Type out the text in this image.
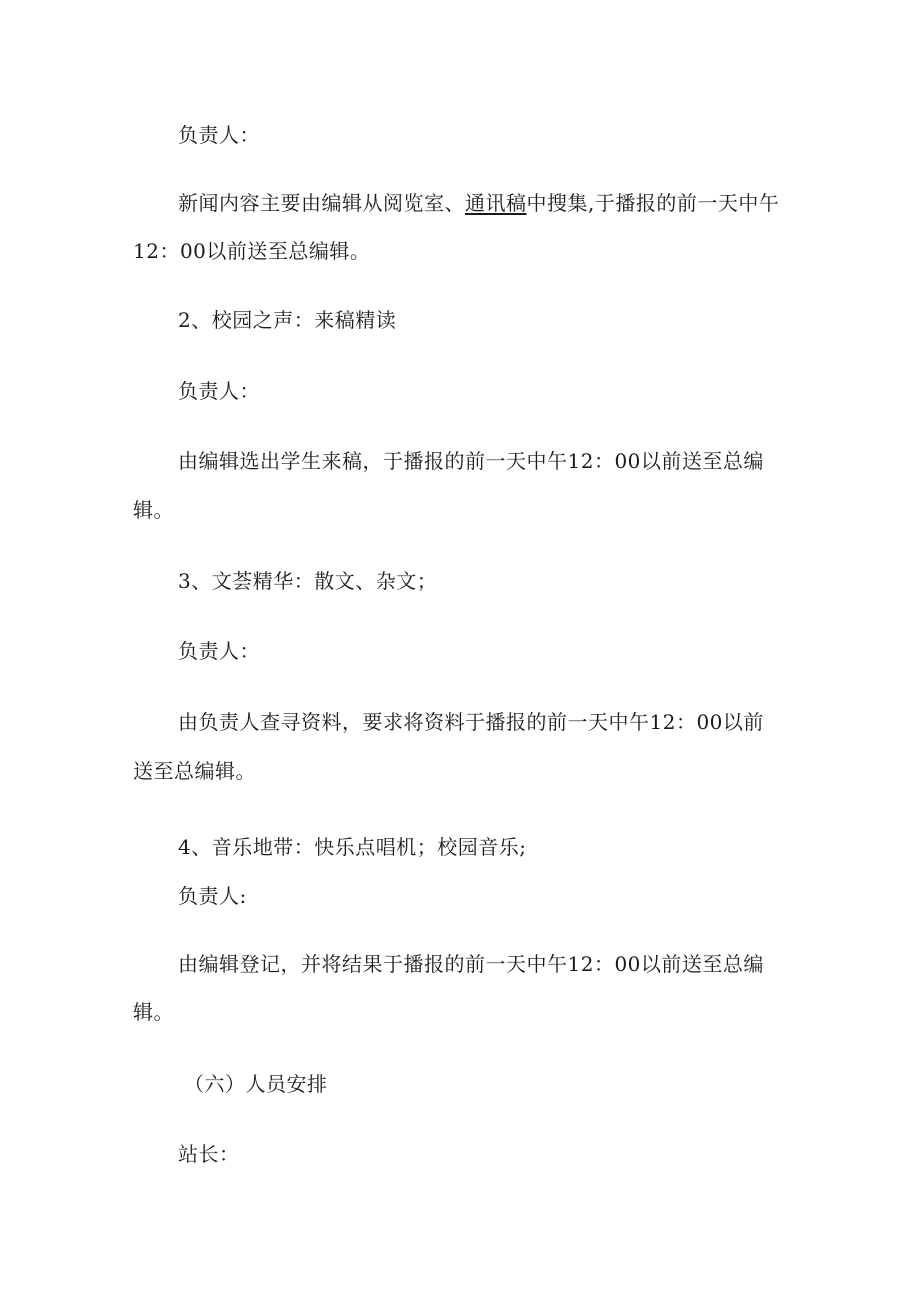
负责人：
新闻内容主要由编辑从阅览室、通讯稿中搜集,于播报的前一天中午
12：00以前送至总编辑。
2、校园之声：来稿精读
负责人：
由编辑选出学生来稿，于播报的前一天中午12：00以前送至总编
辑。
3、文荟精华：散文、杂文；
负责人：
由负责人查寻资料，要求将资料于播报的前一天中午12：00以前
送至总编辑。
4、音乐地带：快乐点唱机；校园音乐;
负责人:
由编辑登记，并将结果于播报的前一天中午12：00以前送至总编
辑。
（六）人员安排
站长：
